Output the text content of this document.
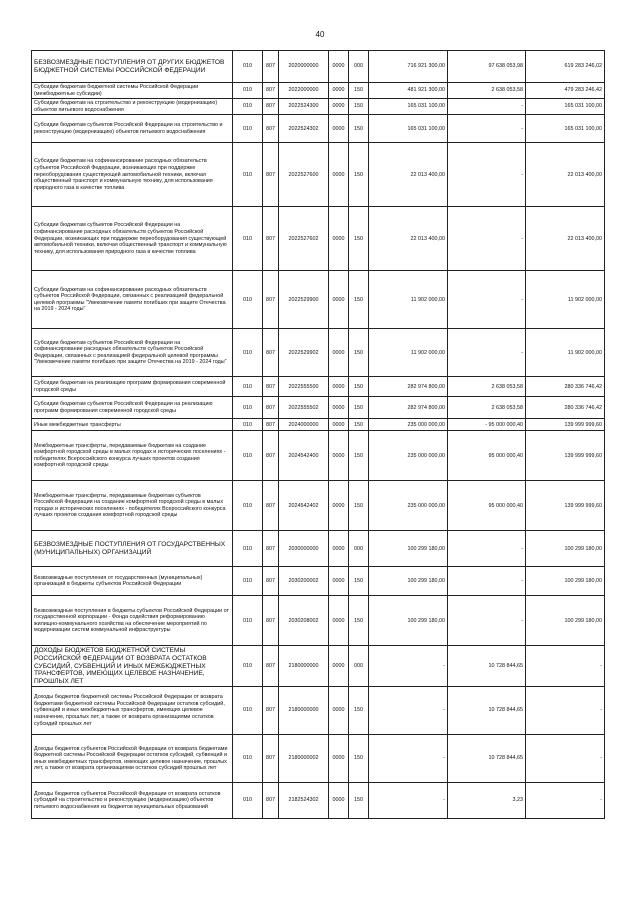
40
БЕЗВОЗМЕЗДНЫЕ ПОСТУПЛЕНИЯ ОТ ДРУГИХ БЮДЖЕТОВ БЮДЖЕТНОЙ СИСТЕМЫ РОССИЙСКОЙ ФЕДЕРАЦИИ	010	807	2020000000	0000	000	716 921 300,00	97 638 053,98	619 283 246,02
Субсидии бюджетам бюджетной системы Российской Федерации (межбюджетные субсидии)	010	807	2022000000	0000	150	481 921 300,00	2 638 053,58	479 283 246,42
Субсидии бюджетам на строительство и реконструкцию (модернизацию) объектов питьевого водоснабжения	010	807	2022524300	0000	150	165 031 100,00	-	165 031 100,00
Субсидии бюджетам субъектов Российской Федерации на строительство и реконструкцию (модернизацию) объектов питьевого водоснабжения	010	807	2022524302	0000	150	165 031 100,00	-	165 031 100,00
Субсидии бюджетам на софинансирование расходных обязательств субъектов Российской Федерации, возникающих при поддержке переоборудования существующей автомобильной техники, включая общественный транспорт и коммунальную технику, для использования природного газа в качестве топлива	010	807	2022527600	0000	150	22 013 400,00	-	22 013 400,00
Субсидии бюджетам субъектов Российской Федерации на софинансирование расходных обязательств субъектов Российской Федерации, возникающих при поддержке переоборудования существующей автомобильной техники, включая общественный транспорт и коммунальную технику, для использования природного газа в качестве топлива	010	807	2022527602	0000	150	22 013 400,00	-	22 013 400,00
Субсидии бюджетам на софинансирование расходных обязательств субъектов Российской Федерации, связанных с реализацией федеральной целевой программы "Увековечение памяти погибших при защите Отечества на 2019 - 2024 годы"	010	807	2022529900	0000	150	11 902 000,00	-	11 902 000,00
Субсидии бюджетам субъектов Российской Федерации на софинансирование расходных обязательств субъектов Российской Федерации, связанных с реализацией федеральной целевой программы "Увековечение памяти погибших при защите Отечества на 2019 - 2024 годы"	010	807	2022529902	0000	150	11 902 000,00	-	11 902 000,00
Субсидии бюджетам на реализацию программ формирования современной городской среды	010	807	2022555500	0000	150	282 974 800,00	2 638 053,58	280 336 746,42
Субсидии бюджетам субъектов Российской Федерации на реализацию программ формирования современной городской среды	010	807	2022555502	0000	150	282 974 800,00	2 638 053,58	280 336 746,42
Иные межбюджетные трансферты	010	807	2024000000	0000	150	235 000 000,00	- 95 000 000,40	139 999 999,60
Межбюджетные трансферты, передаваемые бюджетам на создание комфортной городской среды в малых городах и исторических поселениях - победителях Всероссийского конкурса лучших проектов создания комфортной городской среды	010	807	2024542400	0000	150	235 000 000,00	95 000 000,40	139 999 999,60
Межбюджетные трансферты, передаваемые бюджетам субъектов Российской Федерации на создание комфортной городской среды в малых городах и исторических поселениях - победителях Всероссийского конкурса лучших проектов создания комфортной городской среды	010	807	2024542402	0000	150	235 000 000,00	95 000 000,40	139 999 999,60
БЕЗВОЗМЕЗДНЫЕ ПОСТУПЛЕНИЯ ОТ ГОСУДАРСТВЕННЫХ (МУНИЦИПАЛЬНЫХ) ОРГАНИЗАЦИЙ	010	807	2030000000	0000	000	100 299 180,00	-	100 299 180,00
Безвозмездные поступления от государственных (муниципальных) организаций в бюджеты субъектов Российской Федерации	010	807	2030200002	0000	150	100 299 180,00	-	100 299 180,00
Безвозмездные поступления в бюджеты субъектов Российской Федерации от государственной корпорации - Фонда содействия реформированию жилищно-коммунального хозяйства на обеспечение мероприятий по модернизации систем коммунальной инфраструктуры	010	807	2030208002	0000	150	100 299 180,00	-	100 299 180,00
ДОХОДЫ БЮДЖЕТОВ БЮДЖЕТНОЙ СИСТЕМЫ РОССИЙСКОЙ ФЕДЕРАЦИИ ОТ ВОЗВРАТА ОСТАТКОВ СУБСИДИЙ, СУБВЕНЦИЙ И ИНЫХ МЕЖБЮДЖЕТНЫХ ТРАНСФЕРТОВ, ИМЕЮЩИХ ЦЕЛЕВОЕ НАЗНАЧЕНИЕ, ПРОШЛЫХ ЛЕТ	010	807	2180000000	0000	000	-	10 728 844,65	-
Доходы бюджетов бюджетной системы Российской Федерации от возврата бюджетами бюджетной системы Российской Федерации остатков субсидий, субвенций и иных межбюджетных трансфертов, имеющих целевое назначение, прошлых лет, а также от возврата организациями остатков субсидий прошлых лет	010	807	2180000000	0000	150	-	10 728 844,65	-
Доходы бюджетов субъектов Российской Федерации от возврата бюджетами бюджетной системы Российской Федерации остатков субсидий, субвенций и иных межбюджетных трансфертов, имеющих целевое назначение, прошлых лет, а также от возврата организациями остатков субсидий прошлых лет	010	807	2180000002	0000	150	-	10 728 844,65	-
Доходы бюджетов субъектов Российской Федерации от возврата остатков субсидий на строительство и реконструкцию (модернизацию) объектов питьевого водоснабжения из бюджетов муниципальных образований	010	807	2182524302	0000	150	-	3,23	-
